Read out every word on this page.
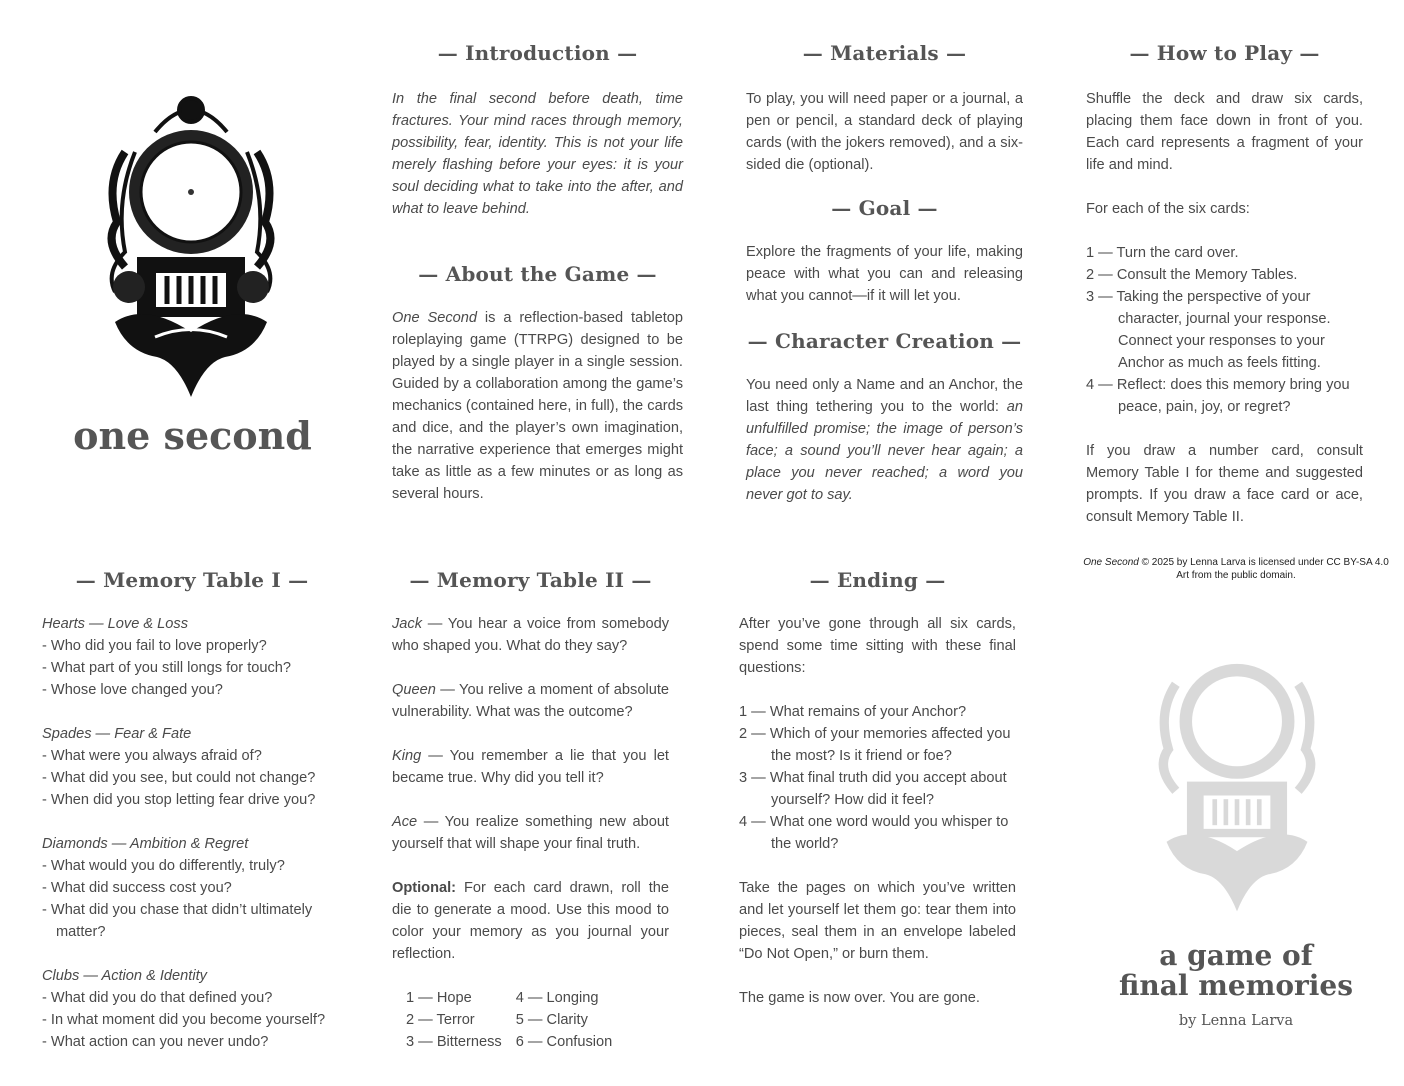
one second
— Introduction —

In the final second before death, time fractures. Your mind races through memory, possibility, fear, identity. This is not your life merely flashing before your eyes: it is your soul deciding what to take into the after, and what to leave behind.

— About the Game —

One Second is a reflection-based tabletop roleplaying game (TTRPG) designed to be played by a single player in a single session. Guided by a collaboration among the game’s mechanics (contained here, in full), the cards and dice, and the player’s own imagination, the narrative experience that emerges might take as little as a few minutes or as long as several hours.

— Materials —

To play, you will need paper or a journal, a pen or pencil, a standard deck of playing cards (with the jokers removed), and a six-sided die (optional).

— Goal —

Explore the fragments of your life, making peace with what you can and releasing what you cannot—if it will let you.

— Character Creation —

You need only a Name and an Anchor, the last thing tethering you to the world: an unfulfilled promise; the image of person’s face; a sound you’ll never hear again; a place you never reached; a word you never got to say.

— How to Play —

Shuffle the deck and draw six cards, placing them face down in front of you. Each card represents a fragment of your life and mind.

For each of the six cards:

1 — Turn the card over.

2 — Consult the Memory Tables.

3 — Taking the perspective of your character, journal your response. Connect your responses to your Anchor as much as feels fitting.

4 — Reflect: does this memory bring you peace, pain, joy, or regret?

If you draw a number card, consult Memory Table I for theme and suggested prompts. If you draw a face card or ace, consult Memory Table II.

One Second © 2025 by Lenna Larva is licensed under CC BY-SA 4.0

Art from the public domain.

— Memory Table I —

Hearts — Love & Loss

- Who did you fail to love properly?

- What part of you still longs for touch?

- Whose love changed you?

Spades — Fear & Fate

- What were you always afraid of?

- What did you see, but could not change?

- When did you stop letting fear drive you?

Diamonds — Ambition & Regret

- What would you do differently, truly?

- What did success cost you?

- What did you chase that didn’t ultimately matter?

Clubs — Action & Identity

- What did you do that defined you?

- In what moment did you become yourself?

- What action can you never undo?

— Memory Table II —

Jack — You hear a voice from somebody who shaped you. What do they say?

Queen — You relive a moment of absolute vulnerability. What was the outcome?

King — You remember a lie that you let became true. Why did you tell it?

Ace — You realize something new about yourself that will shape your final truth.

Optional: For each card drawn, roll the die to generate a mood. Use this mood to color your memory as you journal your reflection.

1 — Hope	4 — Longing
2 — Terror	5 — Clarity
3 — Bitterness	6 — Confusion
— Ending —

After you’ve gone through all six cards, spend some time sitting with these final questions:

1 — What remains of your Anchor?

2 — Which of your memories affected you the most? Is it friend or foe?

3 — What final truth did you accept about yourself? How did it feel?

4 — What one word would you whisper to the world?

Take the pages on which you’ve written and let yourself let them go: tear them into pieces, seal them in an envelope labeled “Do Not Open,” or burn them.

The game is now over. You are gone.

a game of
final memories
by Lenna Larva
